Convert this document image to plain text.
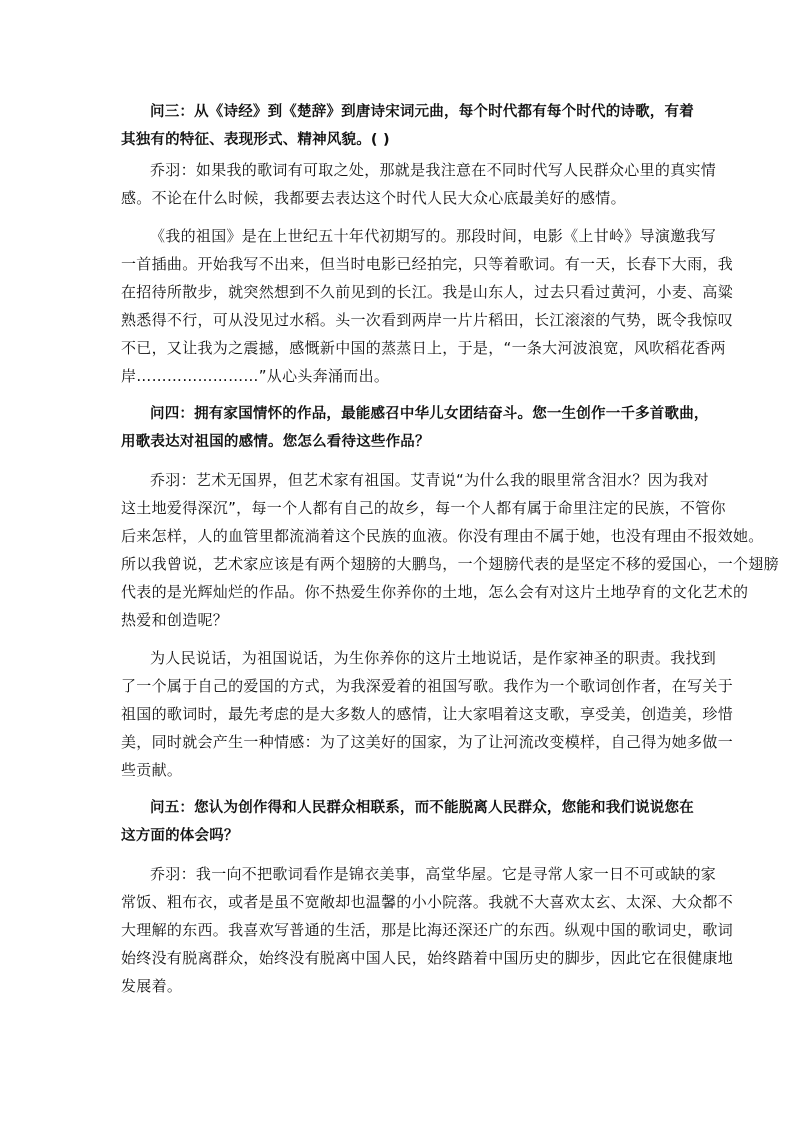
问三：从《诗经》到《楚辞》到唐诗宋词元曲，每个时代都有每个时代的诗歌，有着
其独有的特征、表现形式、精神风貌。( )
乔羽：如果我的歌词有可取之处，那就是我注意在不同时代写人民群众心里的真实情
感。不论在什么时候，我都要去表达这个时代人民大众心底最美好的感情。
《我的祖国》是在上世纪五十年代初期写的。那段时间，电影《上甘岭》导演邀我写
一首插曲。开始我写不出来，但当时电影已经拍完，只等着歌词。有一天，长春下大雨，我
在招待所散步，就突然想到不久前见到的长江。我是山东人，过去只看过黄河，小麦、高粱
熟悉得不行，可从没见过水稻。头一次看到两岸一片片稻田，长江滚滚的气势，既令我惊叹
不已，又让我为之震撼，感慨新中国的蒸蒸日上，于是，“一条大河波浪宽，风吹稻花香两
岸……………………”从心头奔涌而出。
问四：拥有家国情怀的作品，最能感召中华儿女团结奋斗。您一生创作一千多首歌曲，
用歌表达对祖国的感情。您怎么看待这些作品？
乔羽：艺术无国界，但艺术家有祖国。艾青说“为什么我的眼里常含泪水？因为我对
这土地爱得深沉”，每一个人都有自己的故乡，每一个人都有属于命里注定的民族，不管你
后来怎样，人的血管里都流淌着这个民族的血液。你没有理由不属于她，也没有理由不报效她。
所以我曾说，艺术家应该是有两个翅膀的大鹏鸟，一个翅膀代表的是坚定不移的爱国心，一个翅膀
代表的是光辉灿烂的作品。你不热爱生你养你的土地，怎么会有对这片土地孕育的文化艺术的
热爱和创造呢？
为人民说话，为祖国说话，为生你养你的这片土地说话，是作家神圣的职责。我找到
了一个属于自己的爱国的方式，为我深爱着的祖国写歌。我作为一个歌词创作者，在写关于
祖国的歌词时，最先考虑的是大多数人的感情，让大家唱着这支歌，享受美，创造美，珍惜
美，同时就会产生一种情感：为了这美好的国家，为了让河流改变模样，自己得为她多做一
些贡献。
问五：您认为创作得和人民群众相联系，而不能脱离人民群众，您能和我们说说您在
这方面的体会吗？
乔羽：我一向不把歌词看作是锦衣美事，高堂华屋。它是寻常人家一日不可或缺的家
常饭、粗布衣，或者是虽不宽敞却也温馨的小小院落。我就不大喜欢太玄、太深、大众都不
大理解的东西。我喜欢写普通的生活，那是比海还深还广的东西。纵观中国的歌词史，歌词
始终没有脱离群众，始终没有脱离中国人民，始终踏着中国历史的脚步，因此它在很健康地
发展着。
